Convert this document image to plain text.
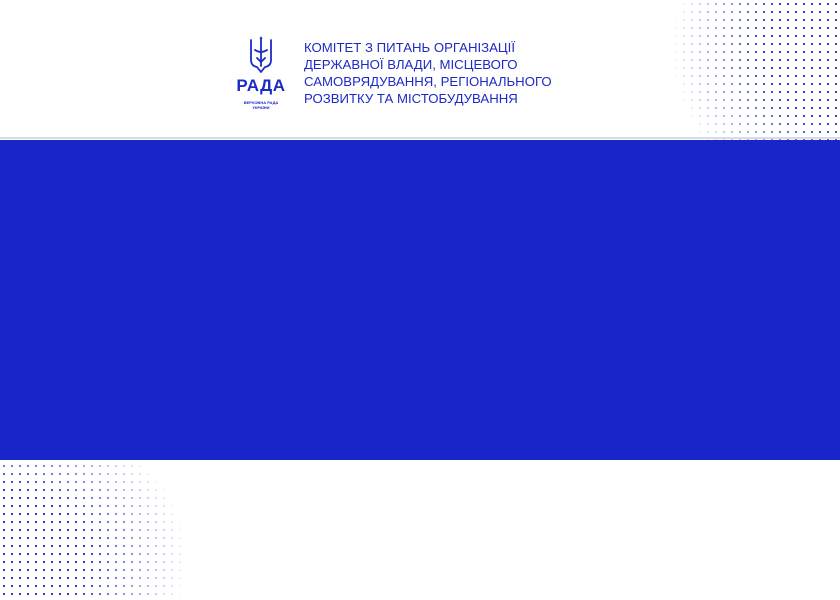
РАДА
ВЕРХОВНА РАДА
УКРАЇНИ
КОМІТЕТ З ПИТАНЬ ОРГАНІЗАЦІЇ
ДЕРЖАВНОЇ ВЛАДИ, МІСЦЕВОГО
САМОВРЯДУВАННЯ, РЕГІОНАЛЬНОГО
РОЗВИТКУ ТА МІСТОБУДУВАННЯ
